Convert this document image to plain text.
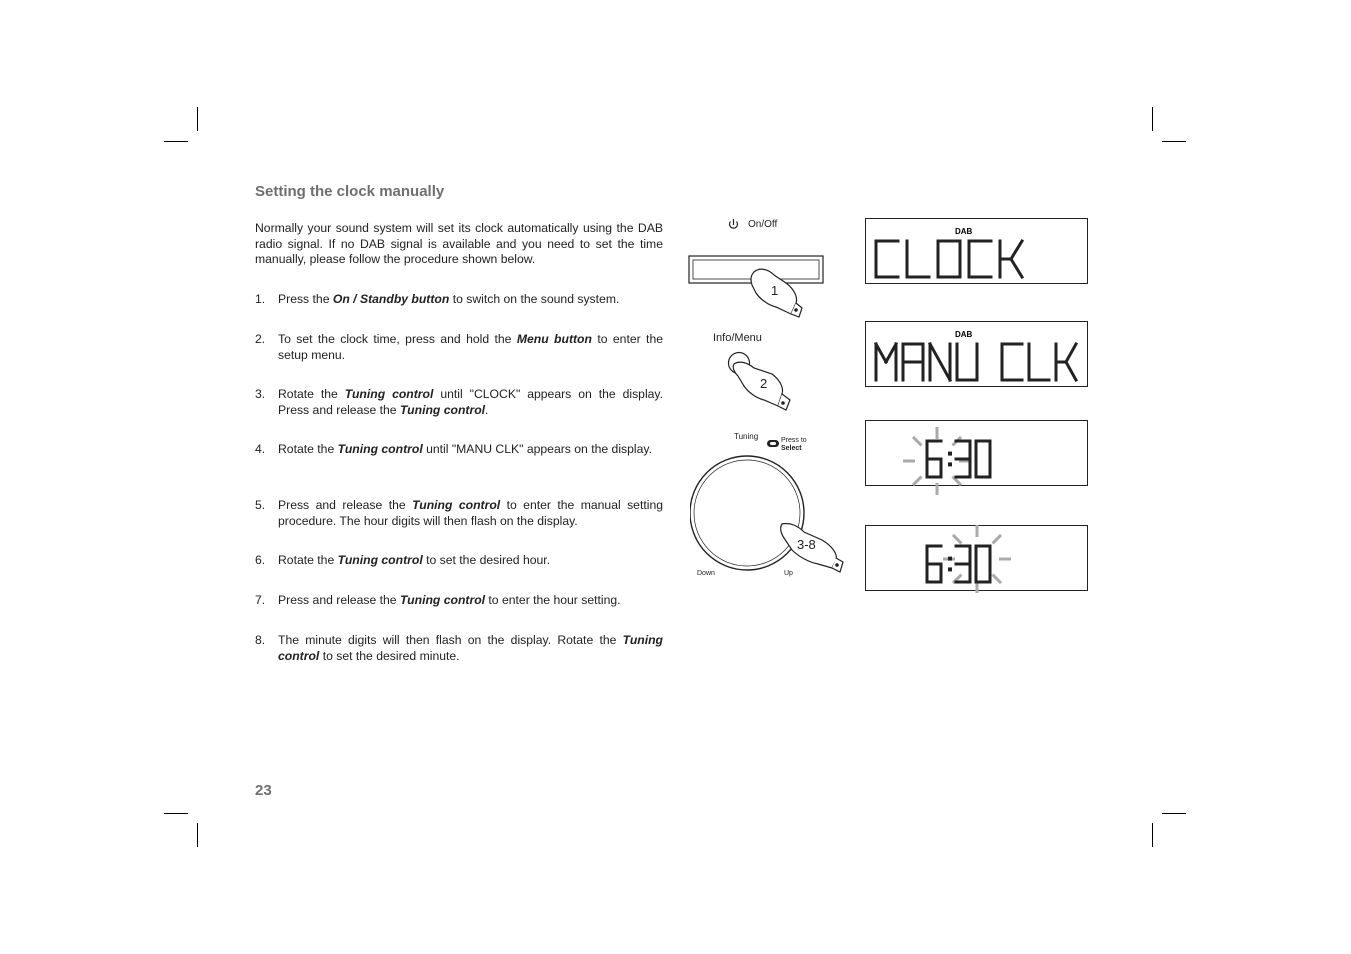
Setting the clock manually

Normally your sound system will set its clock automatically using the DAB radio signal. If no DAB signal is available and you need to set the time manually, please follow the procedure shown below.

1. Press the On / Standby button to switch on the sound system.
2. To set the clock time, press and hold the Menu button to enter the setup menu.
3. Rotate the Tuning control until "CLOCK" appears on the display. Press and release the Tuning control.
4. Rotate the Tuning control until "MANU CLK" appears on the display.
5. Press and release the Tuning control to enter the manual setting procedure. The hour digits will then flash on the display.
6. Rotate the Tuning control to set the desired hour.
7. Press and release the Tuning control to enter the hour setting.
8. The minute digits will then flash on the display. Rotate the Tuning control to set the desired minute.
23
On/Off
1
Info/Menu
2
Tuning	Press to
Select
3-8
Down	Up
DAB
DAB
